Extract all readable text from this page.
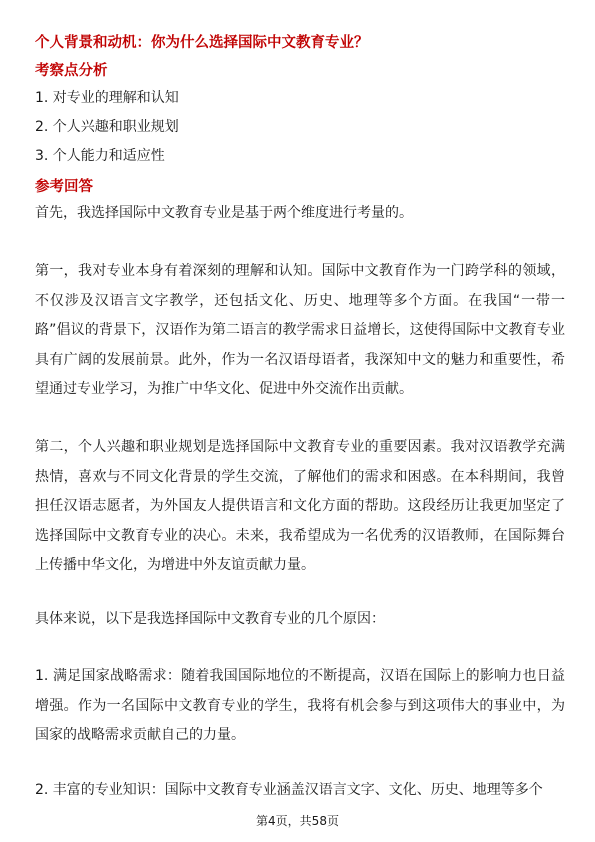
个人背景和动机：你为什么选择国际中文教育专业？
考察点分析
1. 对专业的理解和认知
2. 个人兴趣和职业规划
3. 个人能力和适应性
参考回答
首先，我选择国际中文教育专业是基于两个维度进行考量的。
第一，我对专业本身有着深刻的理解和认知。国际中文教育作为一门跨学科的领域，不仅涉及汉语言文字教学，还包括文化、历史、地理等多个方面。在我国“一带一路”倡议的背景下，汉语作为第二语言的教学需求日益增长，这使得国际中文教育专业具有广阔的发展前景。此外，作为一名汉语母语者，我深知中文的魅力和重要性，希望通过专业学习，为推广中华文化、促进中外交流作出贡献。
第二，个人兴趣和职业规划是选择国际中文教育专业的重要因素。我对汉语教学充满热情，喜欢与不同文化背景的学生交流，了解他们的需求和困惑。在本科期间，我曾担任汉语志愿者，为外国友人提供语言和文化方面的帮助。这段经历让我更加坚定了选择国际中文教育专业的决心。未来，我希望成为一名优秀的汉语教师，在国际舞台上传播中华文化，为增进中外友谊贡献力量。
具体来说，以下是我选择国际中文教育专业的几个原因：
1. 满足国家战略需求：随着我国国际地位的不断提高，汉语在国际上的影响力也日益增强。作为一名国际中文教育专业的学生，我将有机会参与到这项伟大的事业中，为国家的战略需求贡献自己的力量。
2. 丰富的专业知识：国际中文教育专业涵盖汉语言文字、文化、历史、地理等多个
第4页，共58页
